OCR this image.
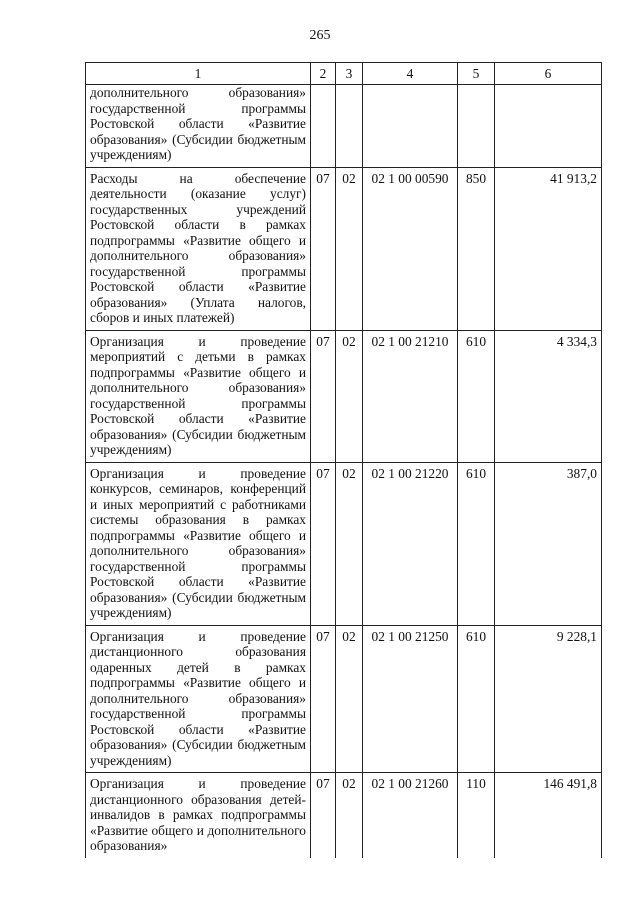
265
1	2	3	4	5	6
дополнительного образования» государственной программы Ростовской области «Развитие образования» (Субсидии бюджетным учреждениям)					
Расходы на обеспечение деятельности (оказание услуг) государственных учреждений Ростовской области в рамках подпрограммы «Развитие общего и дополнительного образования» государственной программы Ростовской области «Развитие образования» (Уплата налогов, сборов и иных платежей)	07	02	02 1 00 00590	850	41 913,2
Организация и проведение мероприятий с детьми в рамках подпрограммы «Развитие общего и дополнительного образования» государственной программы Ростовской области «Развитие образования» (Субсидии бюджетным учреждениям)	07	02	02 1 00 21210	610	4 334,3
Организация и проведение конкурсов, семинаров, конференций и иных мероприятий с работниками системы образования в рамках подпрограммы «Развитие общего и дополнительного образования» государственной программы Ростовской области «Развитие образования» (Субсидии бюджетным учреждениям)	07	02	02 1 00 21220	610	387,0
Организация и проведение дистанционного образования одаренных детей в рамках подпрограммы «Развитие общего и дополнительного образования» государственной программы Ростовской области «Развитие образования» (Субсидии бюджетным учреждениям)	07	02	02 1 00 21250	610	9 228,1
Организация и проведение дистанционного образования детей-инвалидов в рамках подпрограммы «Развитие общего и дополнительного образования»	07	02	02 1 00 21260	110	146 491,8
